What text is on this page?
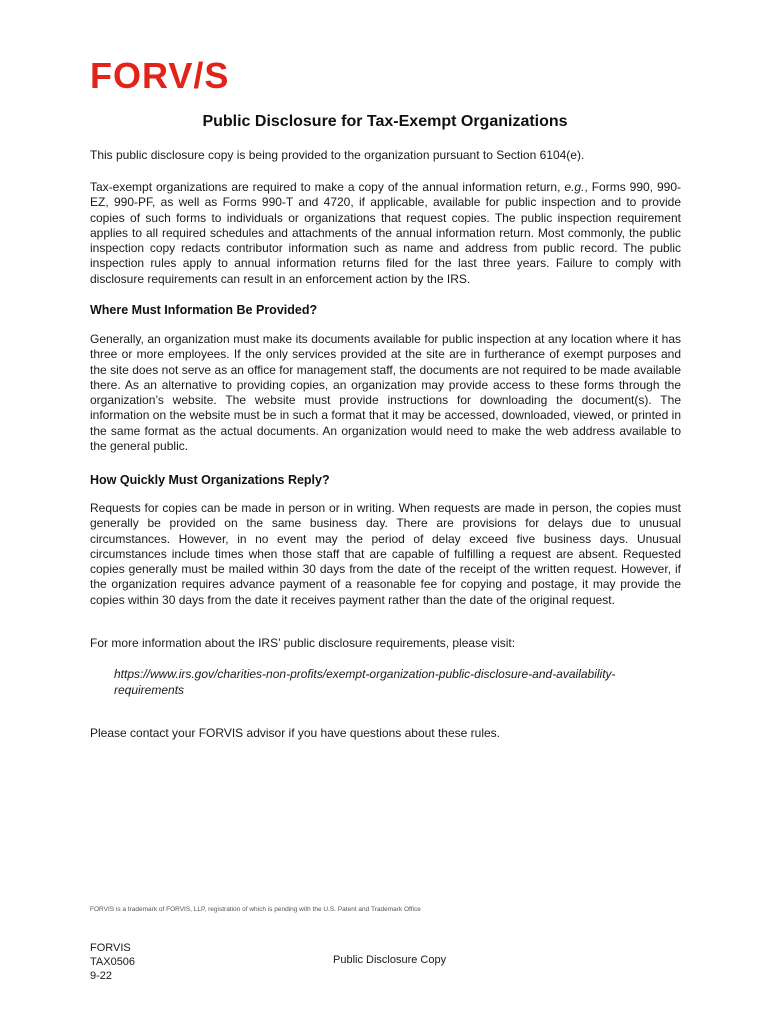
FORV/S
Public Disclosure for Tax-Exempt Organizations
This public disclosure copy is being provided to the organization pursuant to Section 6104(e).
Tax-exempt organizations are required to make a copy of the annual information return, e.g., Forms 990, 990-EZ, 990-PF, as well as Forms 990-T and 4720, if applicable, available for public inspection and to provide copies of such forms to individuals or organizations that request copies. The public inspection requirement applies to all required schedules and attachments of the annual information return. Most commonly, the public inspection copy redacts contributor information such as name and address from public record. The public inspection rules apply to annual information returns filed for the last three years. Failure to comply with disclosure requirements can result in an enforcement action by the IRS.
Where Must Information Be Provided?
Generally, an organization must make its documents available for public inspection at any location where it has three or more employees. If the only services provided at the site are in furtherance of exempt purposes and the site does not serve as an office for management staff, the documents are not required to be made available there. As an alternative to providing copies, an organization may provide access to these forms through the organization’s website. The website must provide instructions for downloading the document(s). The information on the website must be in such a format that it may be accessed, downloaded, viewed, or printed in the same format as the actual documents. An organization would need to make the web address available to the general public.
How Quickly Must Organizations Reply?
Requests for copies can be made in person or in writing. When requests are made in person, the copies must generally be provided on the same business day. There are provisions for delays due to unusual circumstances. However, in no event may the period of delay exceed five business days. Unusual circumstances include times when those staff that are capable of fulfilling a request are absent. Requested copies generally must be mailed within 30 days from the date of the receipt of the written request. However, if the organization requires advance payment of a reasonable fee for copying and postage, it may provide the copies within 30 days from the date it receives payment rather than the date of the original request.
For more information about the IRS’ public disclosure requirements, please visit:
https://www.irs.gov/charities-non-profits/exempt-organization-public-disclosure-and-availability-requirements
Please contact your FORVIS advisor if you have questions about these rules.
FORVIS is a trademark of FORVIS, LLP, registration of which is pending with the U.S. Patent and Trademark Office
FORVIS
TAX0506
9-22
Public Disclosure Copy
